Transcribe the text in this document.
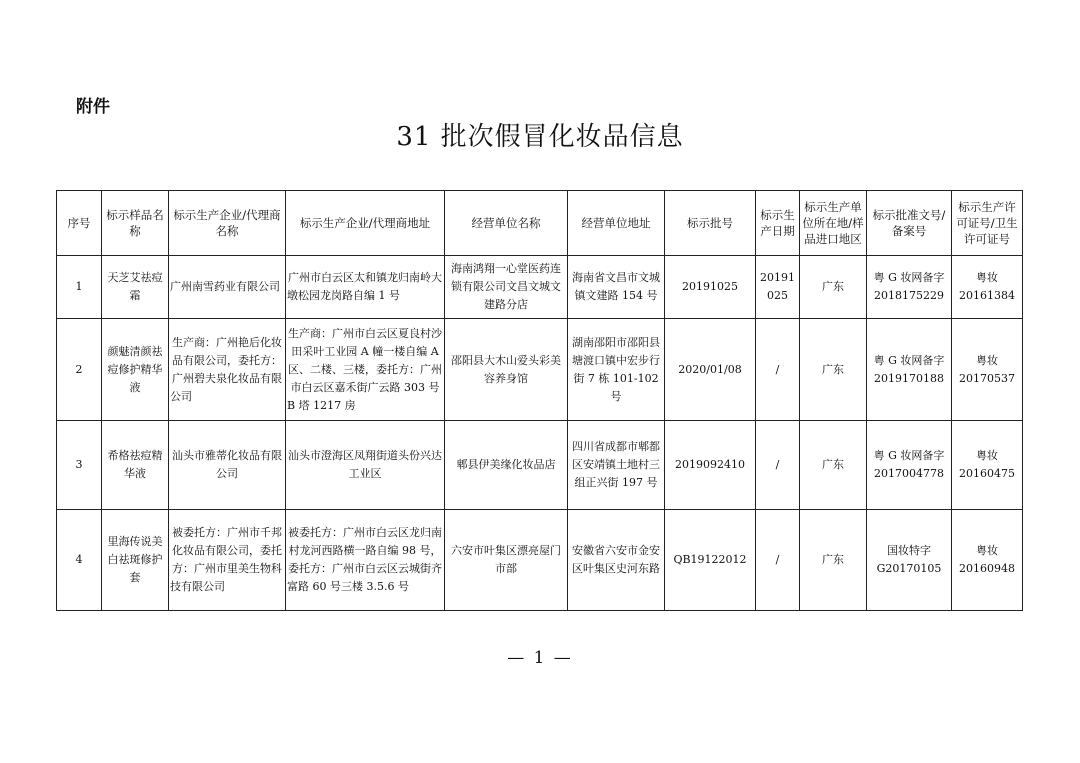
附件
31 批次假冒化妆品信息
序号	标示样品名称	标示生产企业/代理商名称	标示生产企业/代理商地址	经营单位名称	经营单位地址	标示批号	标示生产日期	标示生产单位所在地/样品进口地区	标示批准文号/备案号	标示生产许可证号/卫生许可证号
1	天芝艾祛痘霜	广州南雪药业有限公司	广州市白云区太和镇龙归南岭大墩松园龙岗路自编 1 号	海南鸿翔一心堂医药连锁有限公司文昌文城文建路分店	海南省文昌市文城镇文建路 154 号	20191025	20191025	广东	粤 G 妆网备字 2018175229	粤妆 20161384
2	颜魅清颜祛痘修护精华液	生产商：广州艳后化妆品有限公司，委托方：广州碧夫泉化妆品有限公司	生产商：广州市白云区夏良村沙田采叶工业园 A 幢一楼自编 A 区、二楼、三楼，委托方：广州市白云区嘉禾街广云路 303 号 B 塔 1217 房	邵阳县大木山爱头彩美容养身馆	湖南邵阳市邵阳县塘渡口镇中宏步行街 7 栋 101-102 号	2020/01/08	/	广东	粤 G 妆网备字 2019170188	粤妆 20170537
3	希格祛痘精华液	汕头市雅蒂化妆品有限公司	汕头市澄海区凤翔街道头份兴达工业区	郫县伊美缘化妆品店	四川省成都市郫都区安靖镇土地村三组正兴街 197 号	2019092410	/	广东	粤 G 妆网备字 2017004778	粤妆 20160475
4	里海传说美白祛斑修护套	被委托方：广州市千邦化妆品有限公司，委托方：广州市里美生物科技有限公司	被委托方：广州市白云区龙归南村龙河西路横一路自编 98 号，委托方：广州市白云区云城街齐富路 60 号三楼 3.5.6 号	六安市叶集区漂亮屋门市部	安徽省六安市金安区叶集区史河东路	QB19122012	/	广东	国妆特字 G20170105	粤妆 20160948
— 1 —
